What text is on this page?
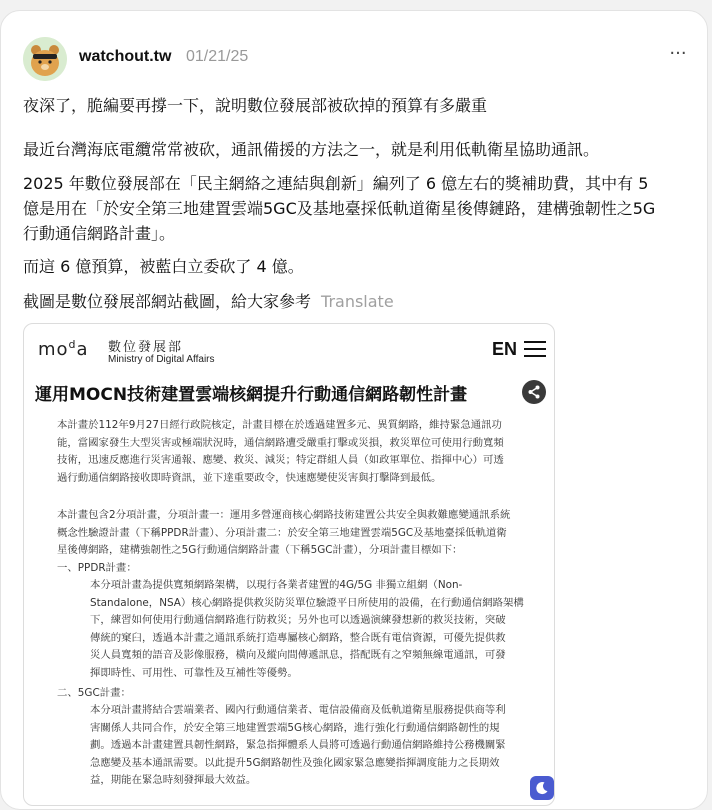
watchout.tw 01/21/25	···

夜深了，脆編要再撐一下，說明數位發展部被砍掉的預算有多嚴重

最近台灣海底電纜常常被砍，通訊備援的方法之一，就是利用低軌衛星協助通訊。

2025 年數位發展部在「民主網絡之連結與創新」編列了 6 億左右的獎補助費，其中有 5
億是用在「於安全第三地建置雲端5GC及基地臺採低軌道衛星後傳鏈路，建構強韌性之5G
行動通信網路計畫」。

而這 6 億預算，被藍白立委砍了 4 億。

截圖是數位發展部網站截圖，給大家參考 Translate

$mo^da$ 數位發展部
Ministry of Digital Affairs
EN
運用MOCN技術建置雲端核網提升行動通信網路韌性計畫
本計畫於112年9月27日經行政院核定，計畫目標在於透過建置多元、異質網路，維持緊急通訊功
能，當國家發生大型災害或極端狀況時，通信網路遭受嚴重打擊或災損，救災單位可使用行動寬頻
技術，迅速反應進行災害通報、應變、救災、減災；特定群組人員（如政軍單位、指揮中心）可透
過行動通信網路接收即時資訊，並下達重要政令，快速應變使災害與打擊降到最低。
本計畫包含2分項計畫，分項計畫一：運用多營運商核心網路技術建置公共安全與救難應變通訊系統
概念性驗證計畫（下稱PPDR計畫）、分項計畫二：於安全第三地建置雲端5GC及基地臺採低軌道衛
星後傳網路，建構強韌性之5G行動通信網路計畫（下稱5GC計畫），分項計畫目標如下：
一、PPDR計畫：
本分項計畫為提供寬頻網路架構，以現行各業者建置的4G/5G 非獨立組網（Non-
Standalone，NSA）核心網路提供救災防災單位驗證平日所使用的設備，在行動通信網路架構
下，練習如何使用行動通信網路進行防救災；另外也可以透過演練發想新的救災技術，突破
傳統的窠臼，透過本計畫之通訊系統打造專屬核心網路，整合既有電信資源，可優先提供救
災人員寬頻的語音及影像服務，橫向及縱向間傳遞訊息，搭配既有之窄頻無線電通訊，可發
揮即時性、可用性、可靠性及互補性等優勢。
二、5GC計畫：
本分項計畫將結合雲端業者、國內行動通信業者、電信設備商及低軌道衛星服務提供商等利
害關係人共同合作，於安全第三地建置雲端5G核心網路，進行強化行動通信網路韌性的規
劃。透過本計畫建置具韌性網路，緊急指揮體系人員將可透過行動通信網路維持公務機關緊
急應變及基本通訊需要。以此提升5G網路韌性及強化國家緊急應變指揮調度能力之長期效
益，期能在緊急時刻發揮最大效益。
